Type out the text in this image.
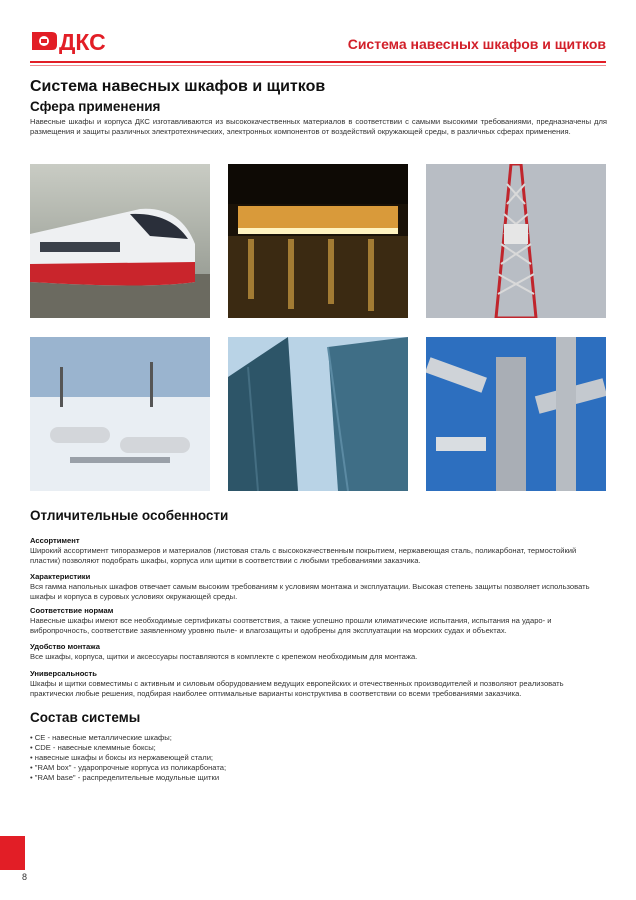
ДКС	Система навесных шкафов и щитков
Система навесных шкафов и щитков
Сфера применения

Навесные шкафы и корпуса ДКС изготавливаются из высококачественных материалов в соответствии с самыми высокими требованиями, предназначены для размещения и защиты различных электротехнических, электронных компонентов от воздействий окружающей среды, в различных сферах применения.

Отличительные особенности
Ассортимент
Широкий ассортимент типоразмеров и материалов (листовая сталь с высококачественным покрытием, нержавеющая сталь, поликарбонат, термостойкий пластик) позволяют подобрать шкафы, корпуса или щитки в соответствии с любыми требованиями заказчика.
Характеристики
Вся гамма напольных шкафов отвечает самым высоким требованиям к условиям монтажа и эксплуатации. Высокая степень защиты позволяет использовать шкафы и корпуса в суровых условиях окружающей среды.
Соответствие нормам
Навесные шкафы имеют все необходимые сертификаты соответствия, а также успешно прошли климатические испытания, испытания на ударо- и вибропрочность, соответствие заявленному уровню пыле- и влагозащиты и одобрены для эксплуатации на морских судах и объектах.
Удобство монтажа
Все шкафы, корпуса, щитки и аксессуары поставляются в комплекте с крепежом необходимым для монтажа.
Универсальность
Шкафы и щитки совместимы с активным и силовым оборудованием ведущих европейских и отечественных производителей и позволяют реализовать практически любые решения, подбирая наиболее оптимальные варианты конструктива в соответствии со всеми требованиями заказчика.
Состав системы
• CE - навесные металлические шкафы;
• CDE - навесные клеммные боксы;
• навесные шкафы и боксы из нержавеющей стали;
• "RAM box" - ударопрочные корпуса из поликарбоната;
• "RAM base" - распределительные модульные щитки
8
